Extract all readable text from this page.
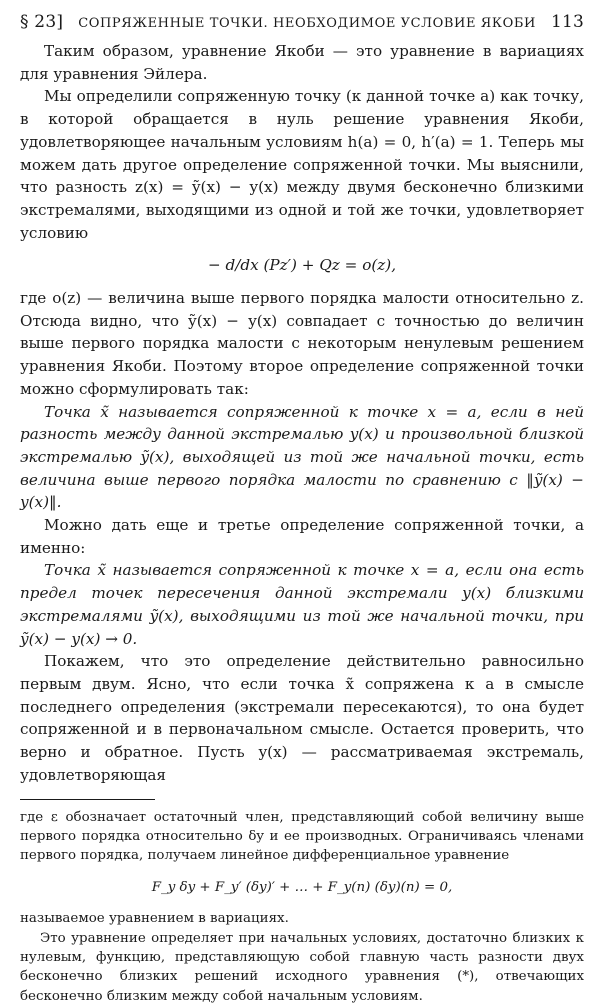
§ 23] СОПРЯЖЕННЫЕ ТОЧКИ. НЕОБХОДИМОЕ УСЛОВИЕ ЯКОБИ 113

Таким образом, уравнение Якоби — это уравнение в вариациях для уравнения Эйлера.

Мы определили сопряженную точку (к данной точке a) как точку, в которой обращается в нуль решение уравнения Якоби, удовлетворяющее начальным условиям h(a) = 0, h′(a) = 1. Теперь мы можем дать другое определение сопряженной точки. Мы выяснили, что разность z(x) = ỹ(x) − y(x) между двумя бесконечно близкими экстремалями, выходящими из одной и той же точки, удовлетворяет условию

− d/dx (Pz′) + Qz = o(z),

где o(z) — величина выше первого порядка малости относительно z. Отсюда видно, что ỹ(x) − y(x) совпадает с точностью до величин выше первого порядка малости с некоторым ненулевым решением уравнения Якоби. Поэтому второе определение сопряженной точки можно сформулировать так:

Точка x̃ называется сопряженной к точке x = a, если в ней разность между данной экстремалью y(x) и произвольной близкой экстремалью ỹ(x), выходящей из той же начальной точки, есть величина выше первого порядка малости по сравнению с ‖ỹ(x) − y(x)‖.

Можно дать еще и третье определение сопряженной точки, а именно:

Точка x̃ называется сопряженной к точке x = a, если она есть предел точек пересечения данной экстремали y(x) близкими экстремалями ỹ(x), выходящими из той же начальной точки, при ỹ(x) − y(x) → 0.

Покажем, что это определение действительно равносильно первым двум. Ясно, что если точка x̃ сопряжена к a в смысле последнего определения (экстремали пересекаются), то она будет сопряженной и в первоначальном смысле. Остается проверить, что верно и обратное. Пусть y(x) — рассматриваемая экстремаль, удовлетворяющая

где ε обозначает остаточный член, представляющий собой величину выше первого порядка относительно δy и ее производных. Ограничиваясь членами первого порядка, получаем линейное дифференциальное уравнение

F_y δy + F_y′ (δy)′ + … + F_y(n) (δy)(n) = 0,

называемое уравнением в вариациях.

Это уравнение определяет при начальных условиях, достаточно близких к нулевым, функцию, представляющую собой главную часть разности двух бесконечно близких решений исходного уравнения (*), отвечающих бесконечно близким между собой начальным условиям.
